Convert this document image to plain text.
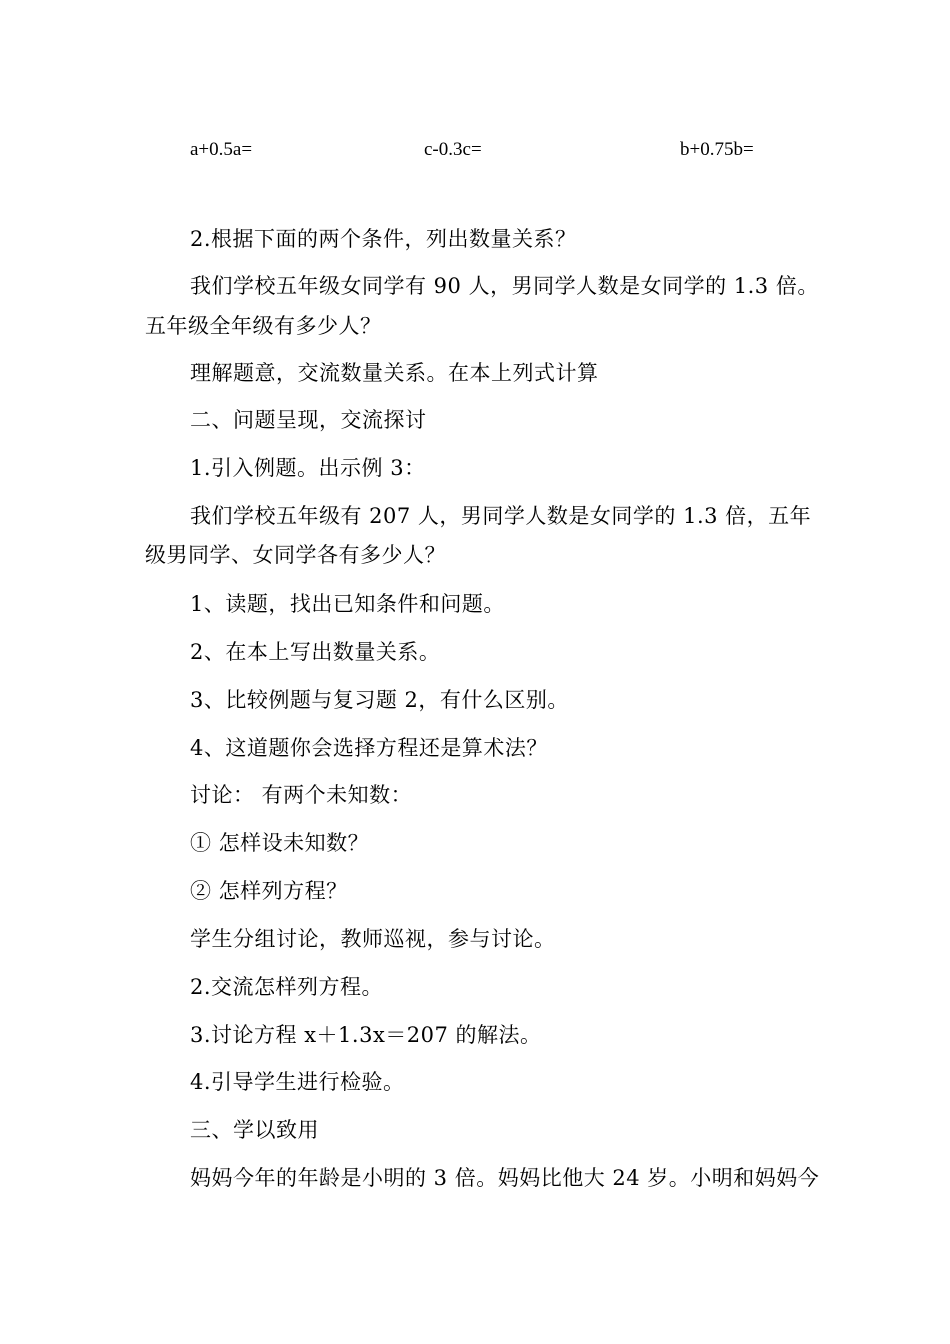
a+0.5a=	c-0.3c=	b+0.75b=
2.根据下面的两个条件，列出数量关系？
我们学校五年级女同学有 90 人，男同学人数是女同学的 1.3 倍。
五年级全年级有多少人？
理解题意，交流数量关系。在本上列式计算
二、问题呈现，交流探讨
1.引入例题。出示例 3：
我们学校五年级有 207 人，男同学人数是女同学的 1.3 倍，五年
级男同学、女同学各有多少人？
1、读题，找出已知条件和问题。
2、在本上写出数量关系。
3、比较例题与复习题 2，有什么区别。
4、这道题你会选择方程还是算术法？
讨论： 有两个未知数：
① 怎样设未知数？
② 怎样列方程？
学生分组讨论，教师巡视，参与讨论。
2.交流怎样列方程。
3.讨论方程 x＋1.3x＝207 的解法。
4.引导学生进行检验。
三、学以致用
妈妈今年的年龄是小明的 3 倍。妈妈比他大 24 岁。小明和妈妈今
